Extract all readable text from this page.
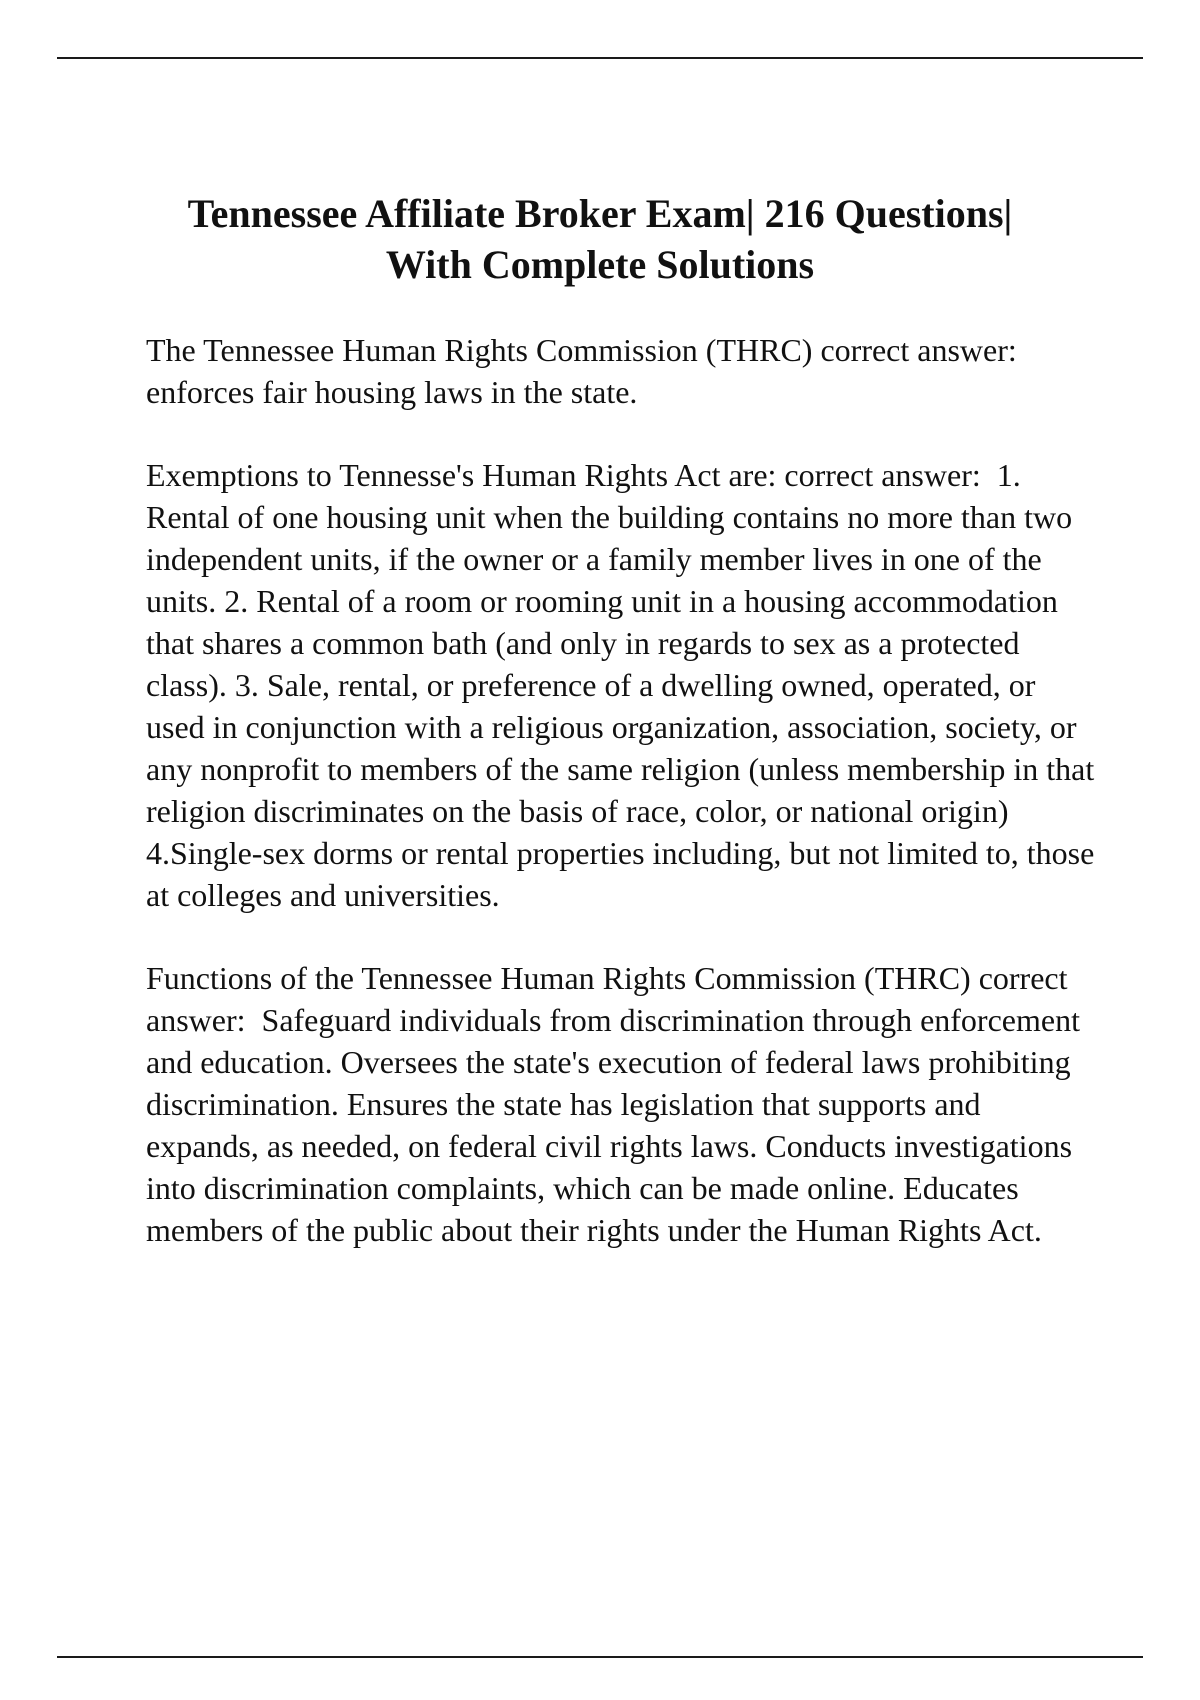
Tennessee Affiliate Broker Exam| 216 Questions|
With Complete Solutions

The Tennessee Human Rights Commission (THRC) correct answer:  enforces fair housing laws in the state.

Exemptions to Tennesse's Human Rights Act are: correct answer:  1. Rental of one housing unit when the building contains no more than two independent units, if the owner or a family member lives in one of the units. 2. Rental of a room or rooming unit in a housing accommodation that shares a common bath (and only in regards to sex as a protected class). 3. Sale, rental, or preference of a dwelling owned, operated, or used in conjunction with a religious organization, association, society, or any nonprofit to members of the same religion (unless membership in that religion discriminates on the basis of race, color, or national origin) 4.Single-sex dorms or rental properties including, but not limited to, those at colleges and universities.

Functions of the Tennessee Human Rights Commission (THRC) correct answer:  Safeguard individuals from discrimination through enforcement and education. Oversees the state's execution of federal laws prohibiting discrimination. Ensures the state has legislation that supports and expands, as needed, on federal civil rights laws. Conducts investigations into discrimination complaints, which can be made online. Educates members of the public about their rights under the Human Rights Act.
